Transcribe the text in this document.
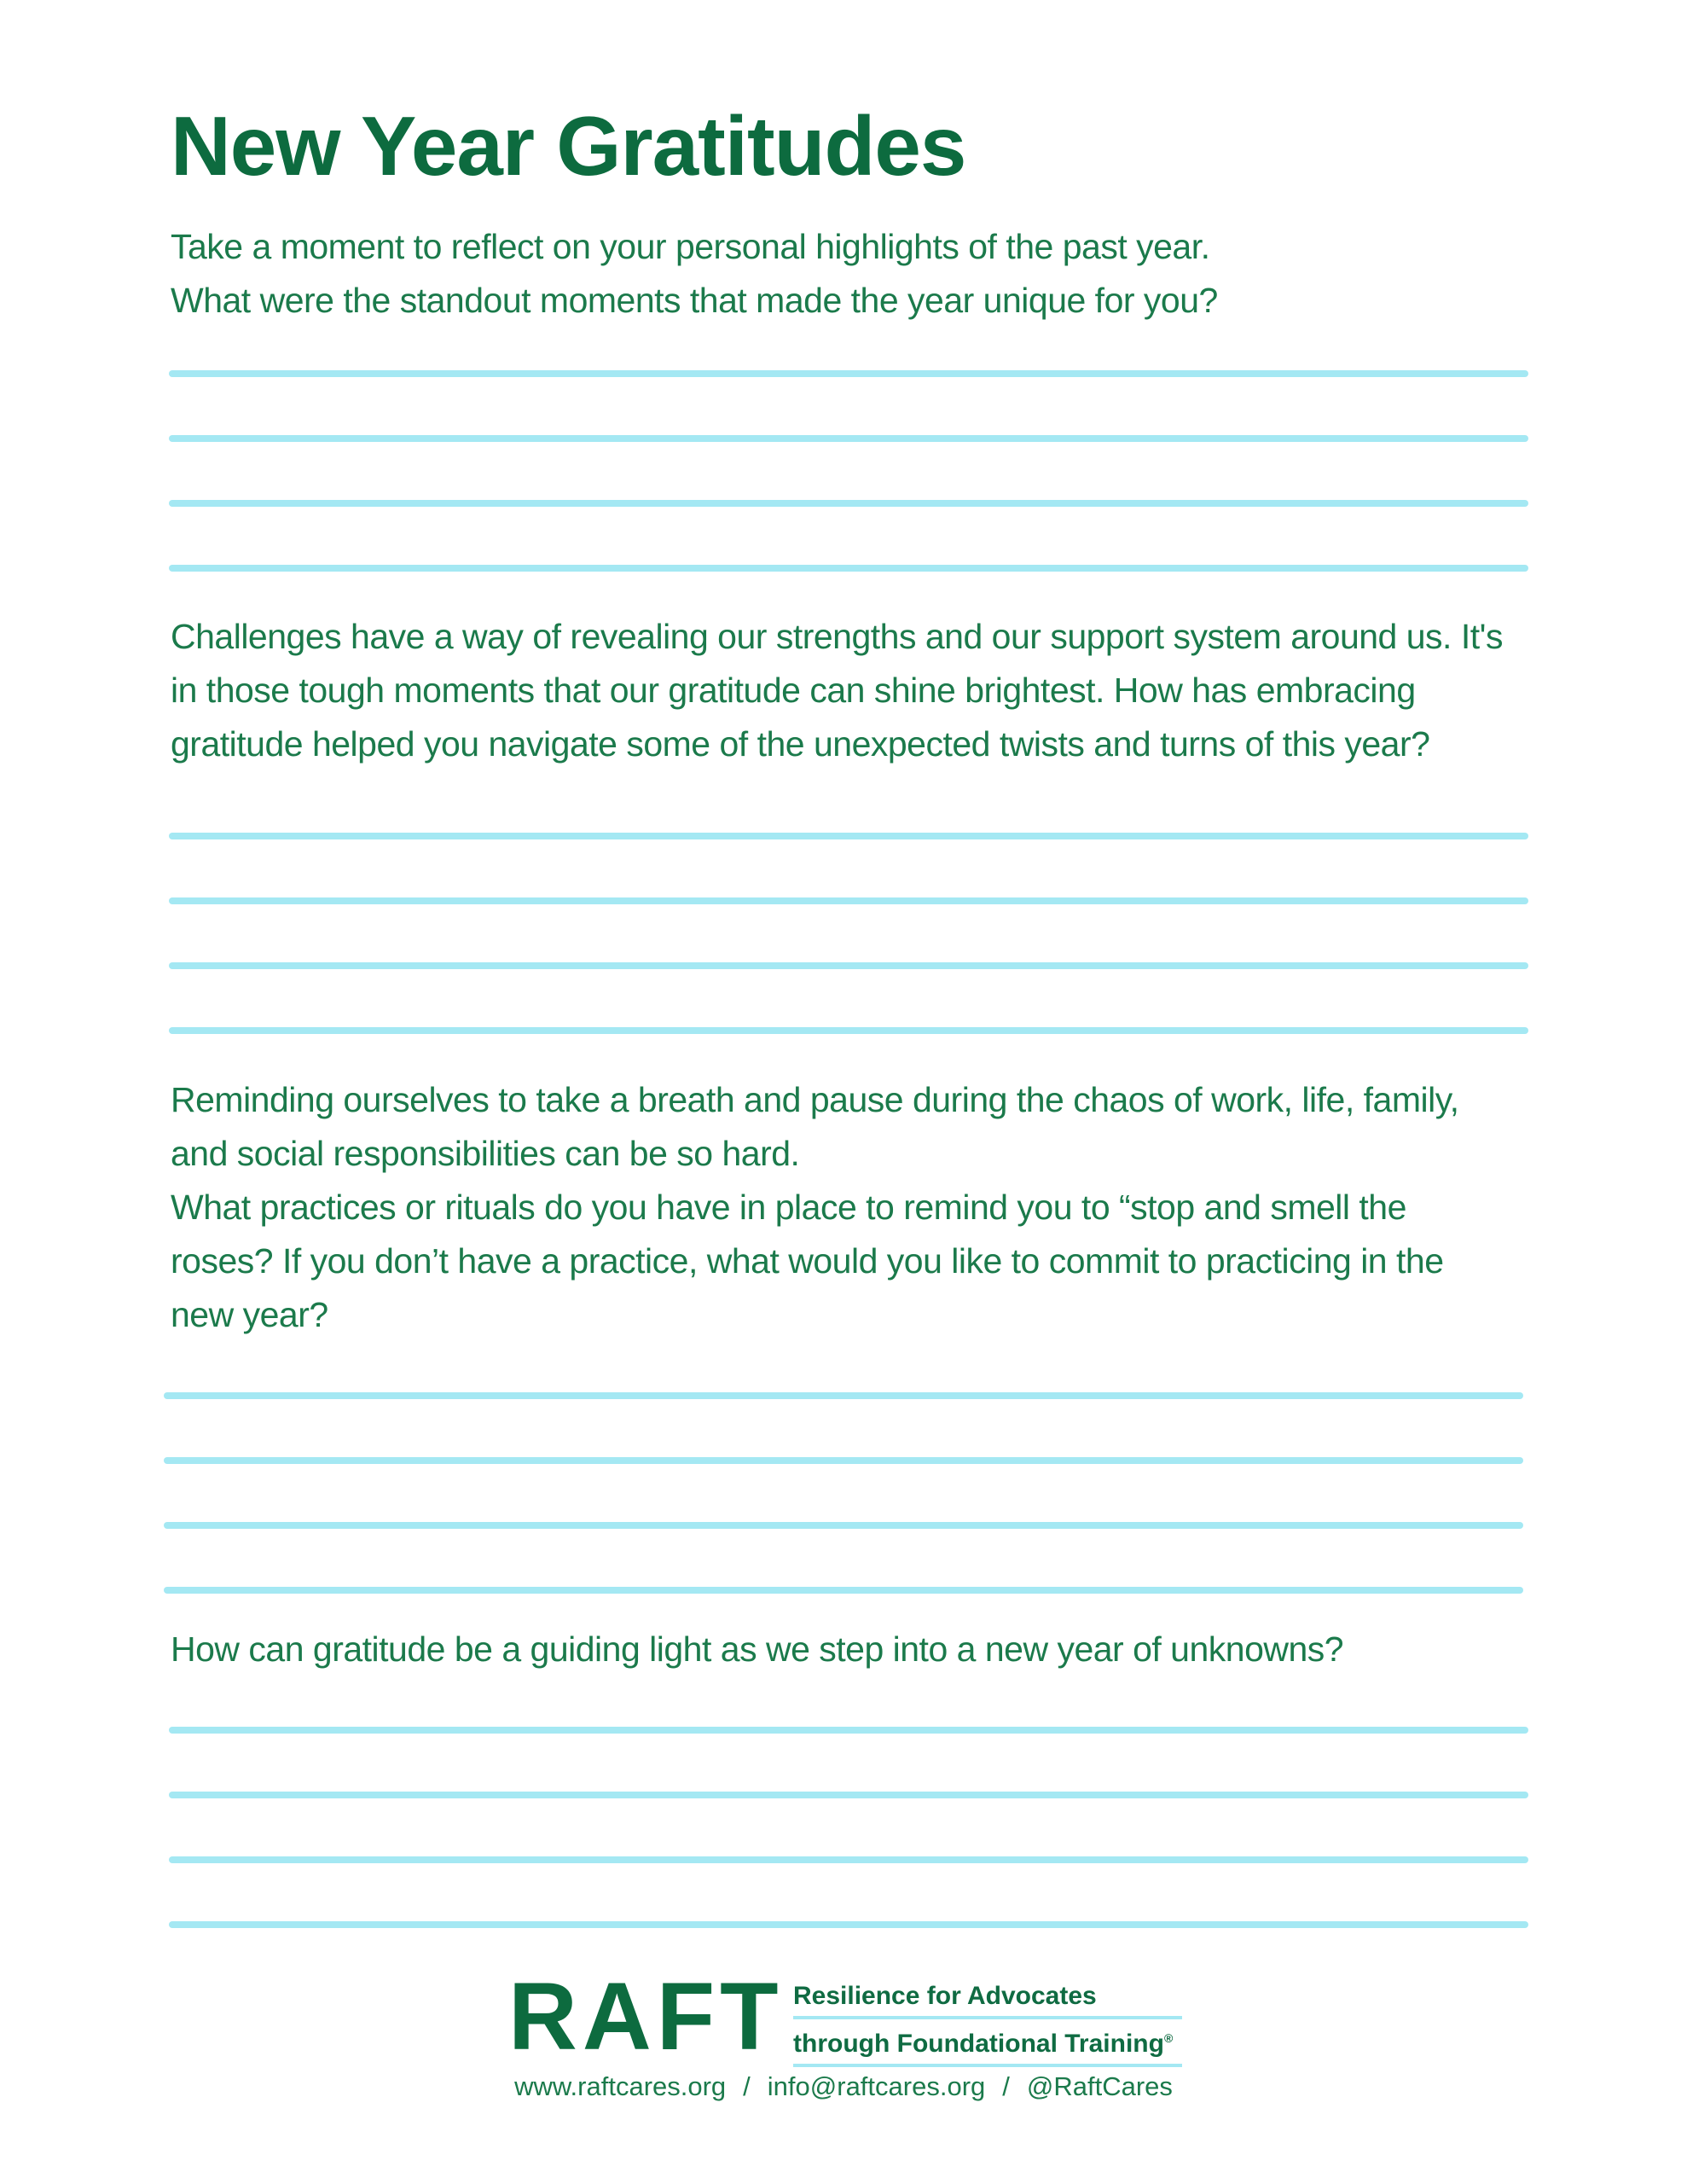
New Year Gratitudes

Take a moment to reflect on your personal highlights of the past year.
What were the standout moments that made the year unique for you?

Challenges have a way of revealing our strengths and our support system around us. It's
in those tough moments that our gratitude can shine brightest. How has embracing
gratitude helped you navigate some of the unexpected twists and turns of this year?

Reminding ourselves to take a breath and pause during the chaos of work, life, family,
and social responsibilities can be so hard.
What practices or rituals do you have in place to remind you to “stop and smell the
roses? If you don’t have a practice, what would you like to commit to practicing in the
new year?

How can gratitude be a guiding light as we step into a new year of unknowns?

RAFT Resilience for Advocates
through Foundational Training®
www.raftcares.org / info@raftcares.org / @RaftCares
